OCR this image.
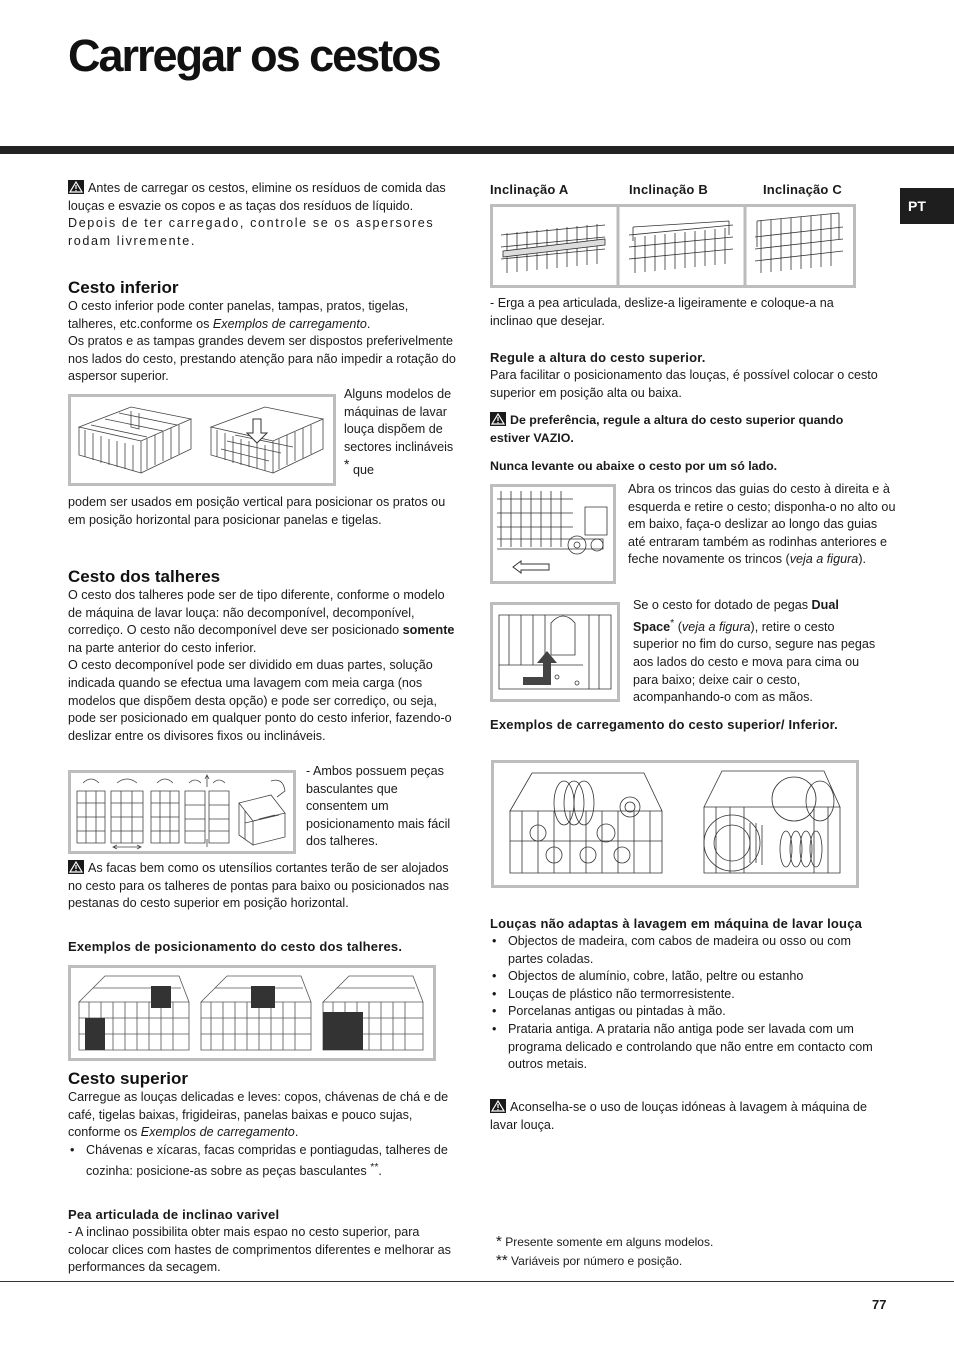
Carregar os cestos
PT

Antes de carregar os cestos, elimine os resíduos de comida das louças e esvazie os copos e as taças dos resíduos de líquido.

Depois de ter carregado, controle se os aspersores rodam livremente.

Cesto inferior

O cesto inferior pode conter panelas, tampas, pratos, tigelas, talheres, etc.conforme os Exemplos de carregamento.

Os pratos e as tampas grandes devem ser dispostos preferivelmente nos lados do cesto, prestando atenção para não impedir a rotação do aspersor superior.

Alguns modelos de máquinas de lavar louça dispõem de sectores inclináveis * que

podem ser usados em posição vertical para posicionar os pratos ou em posição horizontal para posicionar panelas e tigelas.

Cesto dos talheres

O cesto dos talheres pode ser de tipo diferente, conforme o modelo de máquina de lavar louça: não decomponível, decomponível, corrediço. O cesto não decomponível deve ser posicionado somente na parte anterior do cesto inferior.

O cesto decomponível pode ser dividido em duas partes, solução indicada quando se efectua uma lavagem com meia carga (nos modelos que dispõem desta opção) e pode ser corrediço, ou seja, pode ser posicionado em qualquer ponto do cesto inferior, fazendo-o deslizar entre os divisores fixos ou inclináveis.

- Ambos possuem peças basculantes que consentem um posicionamento mais fácil dos talheres.

As facas bem como os utensílios cortantes terão de ser alojados no cesto para os talheres de pontas para baixo ou posicionados nas pestanas do cesto superior em posição horizontal.

Exemplos de posicionamento do cesto dos talheres.
Cesto superior

Carregue as louças delicadas e leves: copos, chávenas de chá e de café, tigelas baixas, frigideiras, panelas baixas e pouco sujas, conforme os Exemplos de carregamento.

• Chávenas e xícaras, facas compridas e pontiagudas, talheres de cozinha: posicione-as sobre as peças basculantes **.
Pea articulada de inclinao varivel

- A inclinao possibilita obter mais espao no cesto superior, para colocar clices com hastes de comprimentos diferentes e melhorar as performances da secagem.

Inclinação A	Inclinação B	Inclinação C

- Erga a pea articulada, deslize-a ligeiramente e coloque-a na inclinao que desejar.

Regule a altura do cesto superior.

Para facilitar o posicionamento das louças, é possível colocar o cesto superior em posição alta ou baixa.

De preferência, regule a altura do cesto superior quando estiver VAZIO.

Nunca levante ou abaixe o cesto por um só lado.

Abra os trincos das guias do cesto à direita e à esquerda e retire o cesto; disponha-o no alto ou em baixo, faça-o deslizar ao longo das guias até entraram também as rodinhas anteriores e feche novamente os trincos (veja a figura).

Se o cesto for dotado de pegas Dual Space* (veja a figura), retire o cesto superior no fim do curso, segure nas pegas aos lados do cesto e mova para cima ou para baixo; deixe cair o cesto, acompanhando-o com as mãos.

Exemplos de carregamento do cesto superior/ Inferior.
Louças não adaptas à lavagem em máquina de lavar louça
• Objectos de madeira, com cabos de madeira ou osso ou com partes coladas.
• Objectos de alumínio, cobre, latão, peltre ou estanho
• Louças de plástico não termorresistente.
• Porcelanas antigas ou pintadas à mão.
• Prataria antiga. A prataria não antiga pode ser lavada com um programa delicado e controlando que não entre em contacto com outros metais.

Aconselha-se o uso de louças idóneas à lavagem à máquina de lavar louça.

* Presente somente em alguns modelos.

** Variáveis por número e posição.

77
